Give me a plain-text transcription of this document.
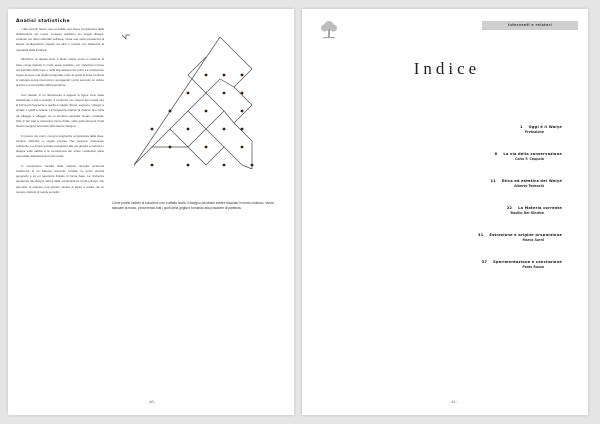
Analisi statistiche

I dati raccolti hanno reso possibile una stima complessiva della distribuzione dei motivi. L'esame statistico dei singoli disegni, condotto sui rilievi effettuati nell'area, rivela una netta prevalenza di alcune configurazioni rispetto ad altre e mostra con chiarezza la regolarità della struttura.

All'interno di questa serie è facile notare come lo schema di base venga ripetuto in modo quasi costante, con variazioni minime nel tracciato delle linee e nella disposizione dei punti. La costruzione segue sempre una griglia ortogonale entro la quale la linea continua si sviluppa senza interruzioni, avvolgendo i punti secondo un ordine preciso e riconoscibile dall'osservatore.

Con l'ausilio di un rilevamento a tappeto le figure sono state classificate in tipi e sottotipi. Il confronto tra i diversi tipi mostra che la forma più frequente è quella a maglia chiusa; seguono i disegni a spirale e quelli a catena. La frequenza relativa di ciascun tipo varia da villaggio a villaggio ma la struttura generale rimane invariata. Solo in rari casi si osservano forme ibride, nelle quali elementi di tipi diversi vengono accostati nello stesso disegno.

Il numero dei punti, come la lunghezza complessiva della linea, sembra obbedire a regole precise che vengono trasmesse oralmente. Le donne anziane insegnano alle più giovani a tracciare i disegni sulla sabbia e la conoscenza dei motivi costituisce parte essenziale dell'educazione femminile.

In conclusione l'analisi della materia raccolta conferma l'esistenza di un sistema coerente, fondato su pochi principi generativi e su un repertorio limitato di forme base. La ricchezza apparente dei disegni deriva dalla combinazione di tali principi, che permette di ottenere una grande varietà di figure a partire da un numero ristretto di regole semplici.

Come potete vedere la soluzione non è affatto facile: il disegno dovrebbe essere tracciato in modo continuo, senza staccare la mano, percorrendo tutti i punti della griglia e tornando alla posizione di partenza.
-40-
Interventi e relatori
Indice
1 Oggi è il Walye
Prefazione
8 La via della conservazione
Carlo F. Coppola
11 Etica ed estetica del Walye
Alberto Tedeschi
22 La Materia corrente
Basilio Del Gindice
31 Estrazione e origine proporzione
Marco Sorni
37 Sperimentazione e conclusione
Paolo Ruzza
-41-
